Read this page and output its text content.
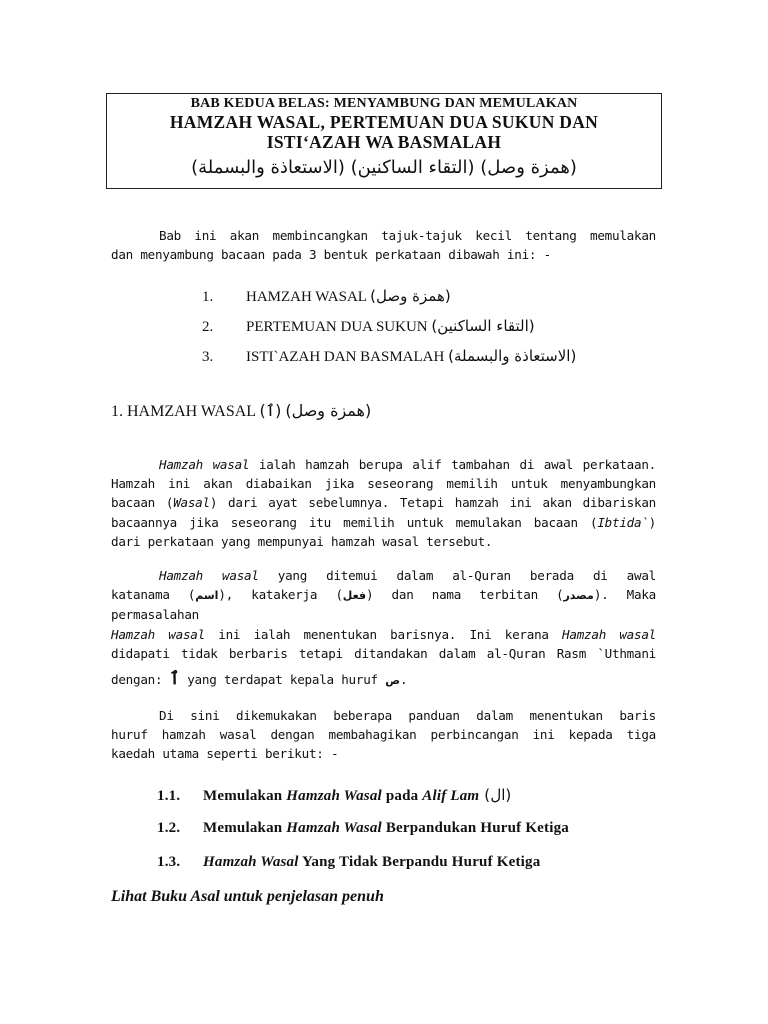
BAB KEDUA BELAS: MENYAMBUNG DAN MEMULAKAN
HAMZAH WASAL, PERTEMUAN DUA SUKUN DAN
ISTI‘AZAH WA BASMALAH
(همزة وصل) (التقاء الساكنين) (الاستعاذة والبسملة)
Bab ini akan membincangkan tajuk-tajuk kecil tentang memulakan
dan menyambung bacaan pada 3 bentuk perkataan dibawah ini: -
1. HAMZAH WASAL (همزة وصل)
2. PERTEMUAN DUA SUKUN (التقاء الساكنين)
3. ISTI`AZAH DAN BASMALAH (الاستعاذة والبسملة)
1. HAMZAH WASAL (ٱ) (همزة وصل)
Hamzah wasal ialah hamzah berupa alif tambahan di awal perkataan.
Hamzah ini akan diabaikan jika seseorang memilih untuk menyambungkan
bacaan (Wasal) dari ayat sebelumnya. Tetapi hamzah ini akan dibariskan
bacaannya jika seseorang itu memilih untuk memulakan bacaan (Ibtida`)
dari perkataan yang mempunyai hamzah wasal tersebut.
Hamzah wasal yang ditemui dalam al-Quran berada di awal
katanama (اسم), katakerja (فعل) dan nama terbitan (مصدر). Maka permasalahan
Hamzah wasal ini ialah menentukan barisnya. Ini kerana Hamzah wasal
didapati tidak berbaris tetapi ditandakan dalam al-Quran Rasm `Uthmani
dengan: ٱ yang terdapat kepala huruf ص.
Di sini dikemukakan beberapa panduan dalam menentukan baris
huruf hamzah wasal dengan membahagikan perbincangan ini kepada tiga
kaedah utama seperti berikut: -
1.1. Memulakan Hamzah Wasal pada Alif Lam (ال)
1.2. Memulakan Hamzah Wasal Berpandukan Huruf Ketiga
1.3. Hamzah Wasal Yang Tidak Berpandu Huruf Ketiga
Lihat Buku Asal untuk penjelasan penuh
